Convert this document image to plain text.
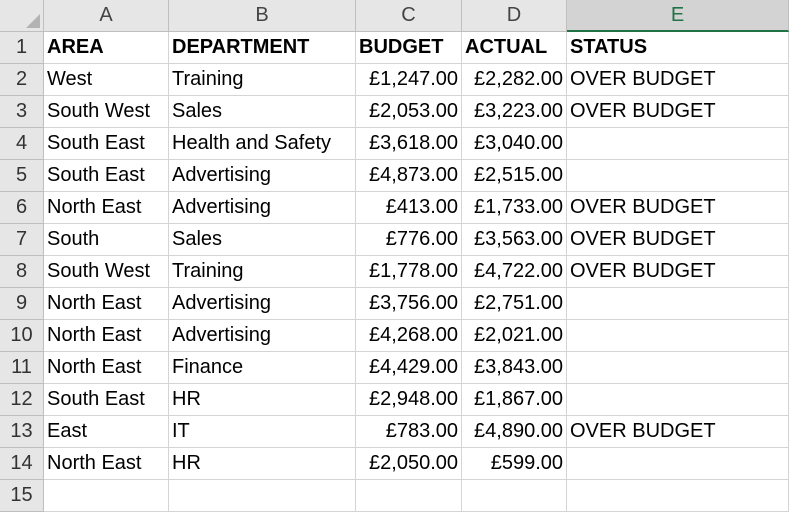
A	B	C	D	E
1
2
3
4
5
6
7
8
9
10
11
12
13
14
15
AREA	DEPARTMENT	BUDGET	ACTUAL	STATUS
West	Training	£1,247.00 £2,282.00 OVER BUDGET
South West	Sales	£2,053.00 £3,223.00 OVER BUDGET
South East	Health and Safety	£3,618.00 £3,040.00
South East	Advertising	£4,873.00 £2,515.00
North East	Advertising	£413.00 £1,733.00 OVER BUDGET
South	Sales	£776.00 £3,563.00 OVER BUDGET
South West	Training	£1,778.00 £4,722.00 OVER BUDGET
North East	Advertising	£3,756.00 £2,751.00
North East	Advertising	£4,268.00 £2,021.00
North East	Finance	£4,429.00 £3,843.00
South East	HR	£2,948.00 £1,867.00
East	IT	£783.00 £4,890.00 OVER BUDGET
North East	HR	£2,050.00	£599.00
